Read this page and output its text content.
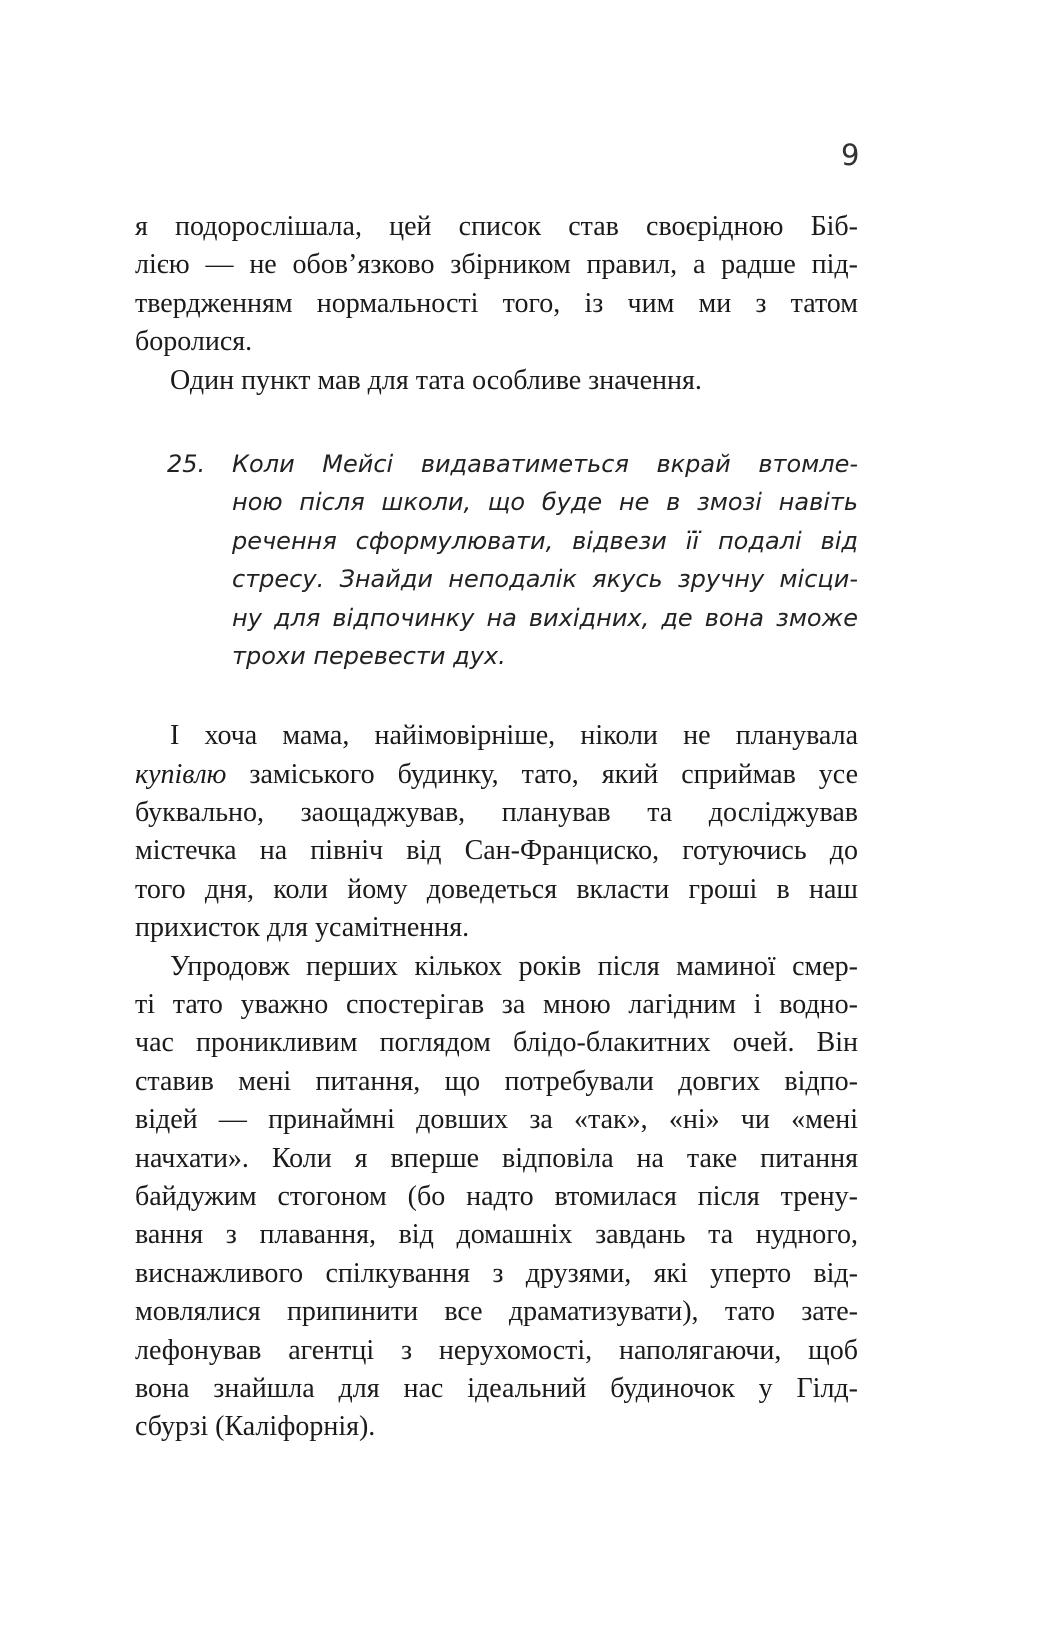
9
я подорослішала, цей список став своєрідною Біб-
лією — не обов’язково збірником правил, а радше під-
твердженням нормальності того, із чим ми з татом
боролися.
Один пункт мав для тата особливе значення.
25. Коли Мейсі видаватиметься вкрай втомле-
ною після школи, що буде не в змозі навіть
речення сформулювати, відвези її подалі від
стресу. Знайди неподалік якусь зручну місци-
ну для відпочинку на вихідних, де вона зможе
трохи перевести дух.
І хоча мама, найімовірніше, ніколи не планувала
купівлю заміського будинку, тато, який сприймав усе
буквально, заощаджував, планував та досліджував
містечка на північ від Сан-Франциско, готуючись до
того дня, коли йому доведеться вкласти гроші в наш
прихисток для усамітнення.
Упродовж перших кількох років після маминої смер-
ті тато уважно спостерігав за мною лагідним і водно-
час проникливим поглядом блідо-блакитних очей. Він
ставив мені питання, що потребували довгих відпо-
відей — принаймні довших за «так», «ні» чи «мені
начхати». Коли я вперше відповіла на таке питання
байдужим стогоном (бо надто втомилася після трену-
вання з плавання, від домашніх завдань та нудного,
виснажливого спілкування з друзями, які уперто від-
мовлялися припинити все драматизувати), тато зате-
лефонував агентці з нерухомості, наполягаючи, щоб
вона знайшла для нас ідеальний будиночок у Гілд-
сбурзі (Каліфорнія).
